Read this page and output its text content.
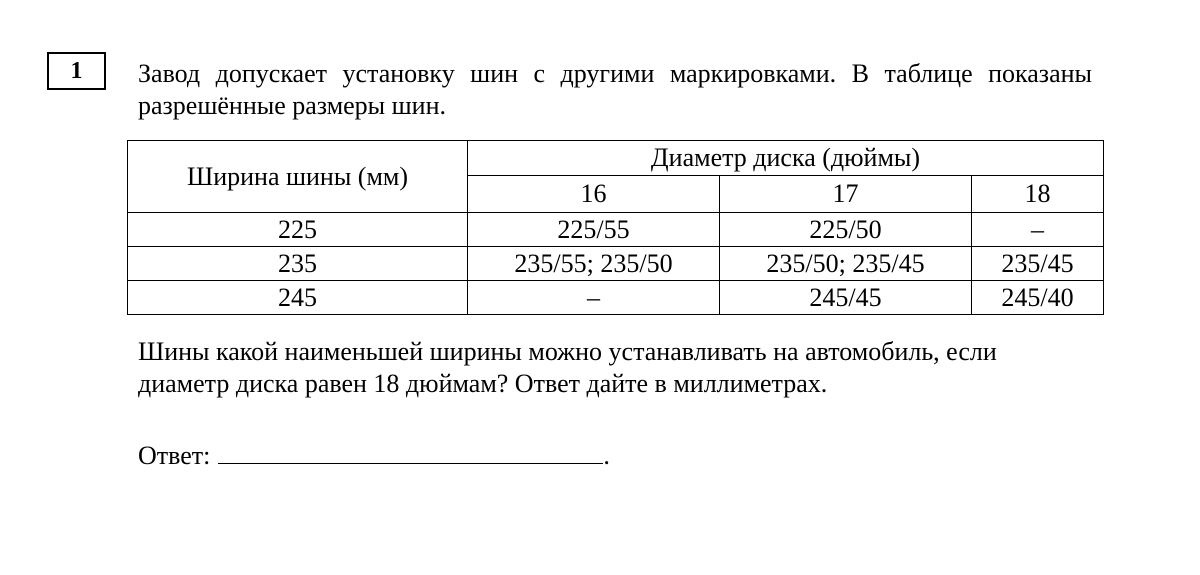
1 Завод допускает установку шин с другими маркировками. В таблице показаны разрешённые размеры шин.

Ширина шины (мм)	Диаметр диска (дюймы)		
	16	17	18
225	225/55	225/50	–
235	235/55; 235/50	235/50; 235/45	235/45
245	–	245/45	245/40

Шины какой наименьшей ширины можно устанавливать на автомобиль, если диаметр диска равен 18 дюймам? Ответ дайте в миллиметрах.

Ответ:	.
